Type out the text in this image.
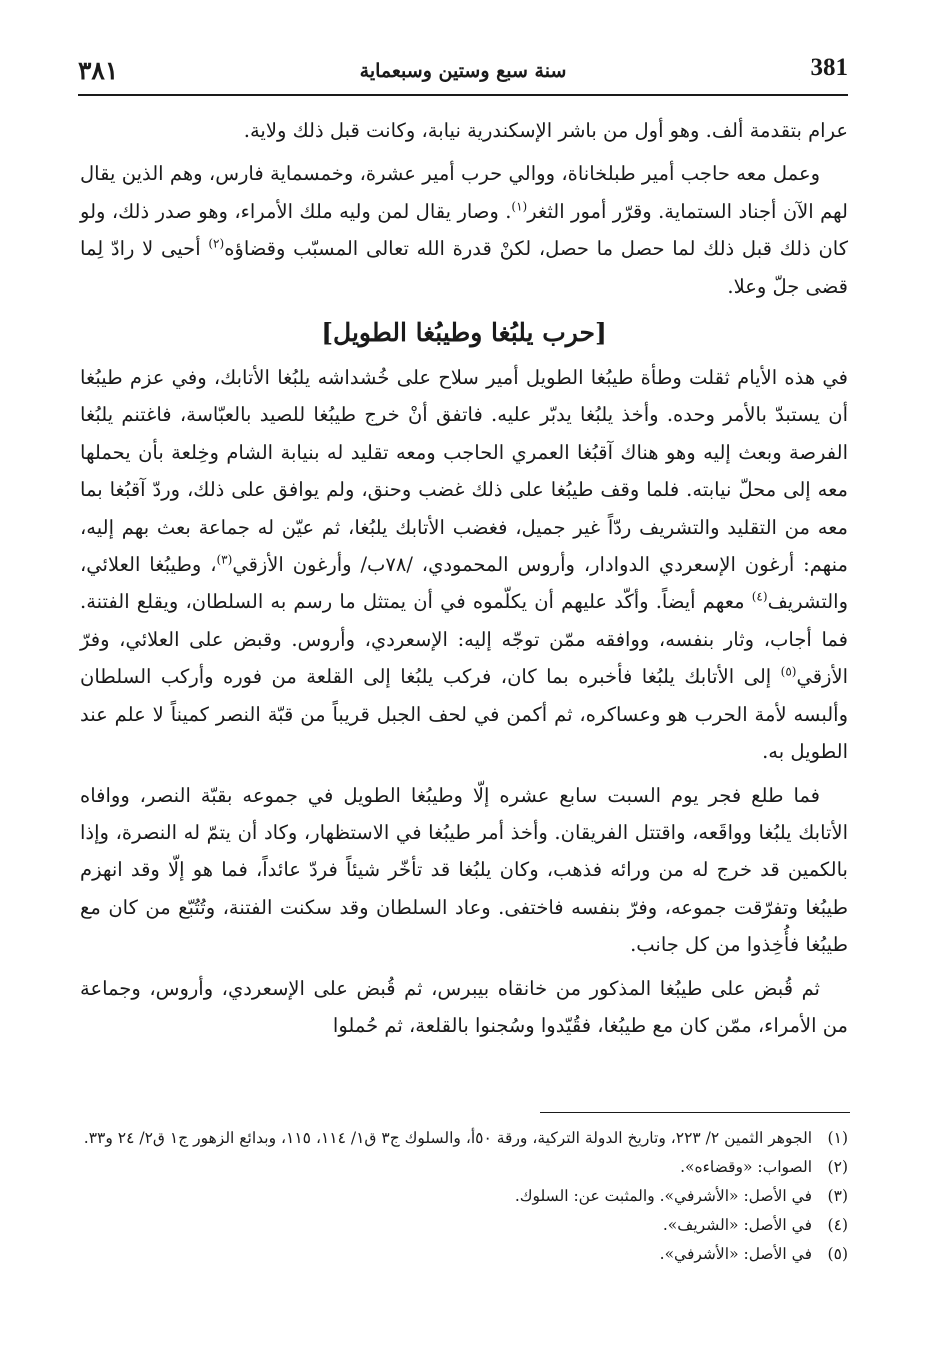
٣٨١	سنة سبع وستين وسبعماية	381

عرام بتقدمة ألف. وهو أول من باشر الإسكندرية نيابة، وكانت قبل ذلك ولاية.

وعمل معه حاجب أمير طبلخاناة، ووالي حرب أمير عشرة، وخمسماية فارس، وهم الذين يقال لهم الآن أجناد الستماية. وقرّر أمور الثغر$^{(١)}$. وصار يقال لمن وليه ملك الأمراء، وهو صدر ذلك، ولو كان ذلك قبل ذلك لما حصل ما حصل، لكنْ قدرة الله تعالى المسبّب وقضاؤه$^{(٢)}$ أحيى لا رادّ لِما قضى جلّ وعلا.

[حرب يلبُغا وطيبُغا الطويل]

في هذه الأيام ثقلت وطأة طيبُغا الطويل أمير سلاح على خُشداشه يلبُغا الأتابك، وفي عزم طيبُغا أن يستبدّ بالأمر وحده. وأخذ يلبُغا يدبّر عليه. فاتفق أنْ خرج طيبُغا للصيد بالعبّاسة، فاغتنم يلبُغا الفرصة وبعث إليه وهو هناك آقبُغا العمري الحاجب ومعه تقليد له بنيابة الشام وخِلعة بأن يحملها معه إلى محلّ نيابته. فلما وقف طيبُغا على ذلك غضب وحنق، ولم يوافق على ذلك، وردّ آقبُغا بما معه من التقليد والتشريف ردّاً غير جميل، فغضب الأتابك يلبُغا، ثم عيّن له جماعة بعث بهم إليه، منهم: أرغون الإسعردي الدوادار، وأروس المحمودي، /٧٨ب/ وأرغون الأزقي$^{(٣)}$، وطيبُغا العلائي، والتشريف$^{(٤)}$ معهم أيضاً. وأكّد عليهم أن يكلّموه في أن يمتثل ما رسم به السلطان، ويقلع الفتنة. فما أجاب، وثار بنفسه، ووافقه ممّن توجّه إليه: الإسعردي، وأروس. وقبض على العلائي، وفرّ الأزقي$^{(٥)}$ إلى الأتابك يلبُغا فأخبره بما كان، فركب يلبُغا إلى القلعة من فوره وأركب السلطان وألبسه لأمة الحرب هو وعساكره، ثم أكمن في لحف الجبل قريباً من قبّة النصر كميناً لا علم عند الطويل به.

فما طلع فجر يوم السبت سابع عشره إلّا وطيبُغا الطويل في جموعه بقبّة النصر، ووافاه الأتابك يلبُغا وواقَعه، واقتتل الفريقان. وأخذ أمر طيبُغا في الاستظهار، وكاد أن يتمّ له النصرة، وإذا بالكمين قد خرج له من ورائه فذهب، وكان يلبُغا قد تأخّر شيئاً فردّ عائداً، فما هو إلّا وقد انهزم طيبُغا وتفرّقت جموعه، وفرّ بنفسه فاختفى. وعاد السلطان وقد سكنت الفتنة، وتُتُبّع من كان مع طيبُغا فأُخِذوا من كل جانب.

ثم قُبض على طيبُغا المذكور من خانقاه بيبرس، ثم قُبض على الإسعردي، وأروس، وجماعة من الأمراء، ممّن كان مع طيبُغا، فقُيّدوا وسُجنوا بالقلعة، ثم حُملوا

(١)
الجوهر الثمين ٢/ ٢٢٣، وتاريخ الدولة التركية، ورقة ٥٠أ، والسلوك ج٣ ق١/ ١١٤، ١١٥، وبدائع الزهور ج١ ق٢/ ٢٤ و٣٣.
(٢)
الصواب: «وقضاءه».
(٣)
في الأصل: «الأشرفي». والمثبت عن: السلوك.
(٤)
في الأصل: «الشريف».
(٥)
في الأصل: «الأشرفي».
